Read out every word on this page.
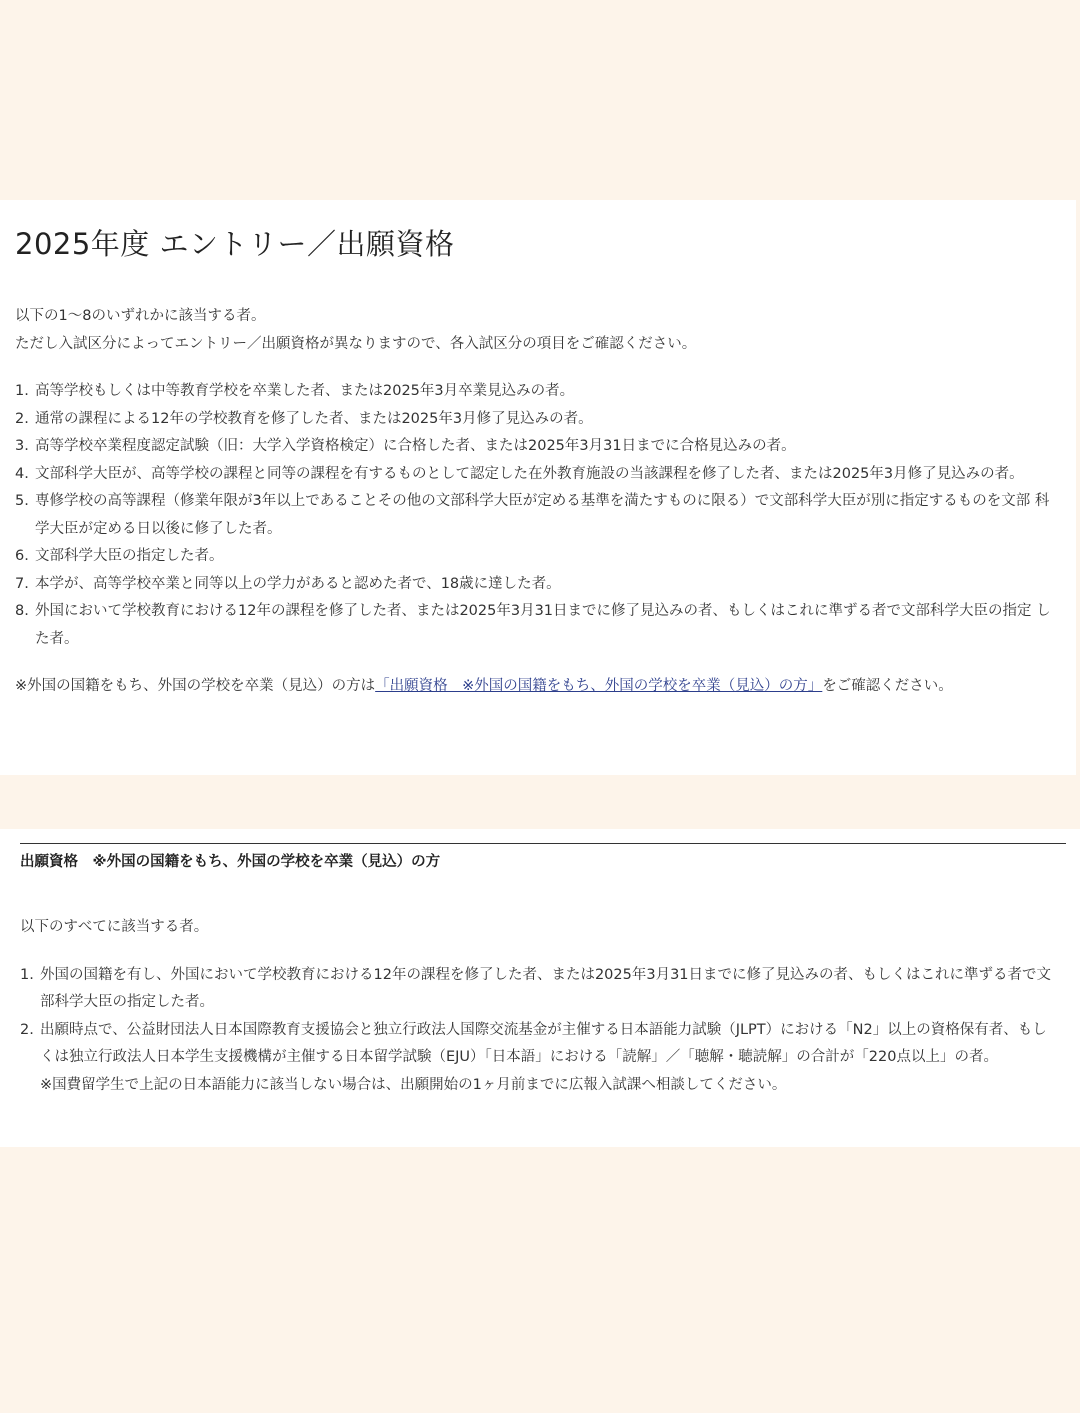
2025年度 エントリー／出願資格

以下の1～8のいずれかに該当する者。
ただし入試区分によってエントリー／出願資格が異なりますので、各入試区分の項目をご確認ください。

1. 高等学校もしくは中等教育学校を卒業した者、または2025年3月卒業見込みの者。
2. 通常の課程による12年の学校教育を修了した者、または2025年3月修了見込みの者。
3. 高等学校卒業程度認定試験（旧：大学入学資格検定）に合格した者、または2025年3月31日までに合格見込みの者。
4. 文部科学大臣が、高等学校の課程と同等の課程を有するものとして認定した在外教育施設の当該課程を修了した者、または2025年3月修了見込みの者。
5. 専修学校の高等課程（修業年限が3年以上であることその他の文部科学大臣が定める基準を満たすものに限る）で文部科学大臣が別に指定するものを文部 科学大臣が定める日以後に修了した者。
6. 文部科学大臣の指定した者。
7. 本学が、高等学校卒業と同等以上の学力があると認めた者で、18歳に達した者。
8. 外国において学校教育における12年の課程を修了した者、または2025年3月31日までに修了見込みの者、もしくはこれに準ずる者で文部科学大臣の指定 した者。

※外国の国籍をもち、外国の学校を卒業（見込）の方は「出願資格　※外国の国籍をもち、外国の学校を卒業（見込）の方」をご確認ください。

出願資格　※外国の国籍をもち、外国の学校を卒業（見込）の方

以下のすべてに該当する者。

1. 外国の国籍を有し、外国において学校教育における12年の課程を修了した者、または2025年3月31日までに修了見込みの者、もしくはこれに準ずる者で文部科学大臣の指定した者。
2. 出願時点で、公益財団法人日本国際教育支援協会と独立行政法人国際交流基金が主催する日本語能力試験（JLPT）における「N2」以上の資格保有者、もしくは独立行政法人日本学生支援機構が主催する日本留学試験（EJU）「日本語」における「読解」／「聴解・聴読解」の合計が「220点以上」の者。
※国費留学生で上記の日本語能力に該当しない場合は、出願開始の1ヶ月前までに広報入試課へ相談してください。
